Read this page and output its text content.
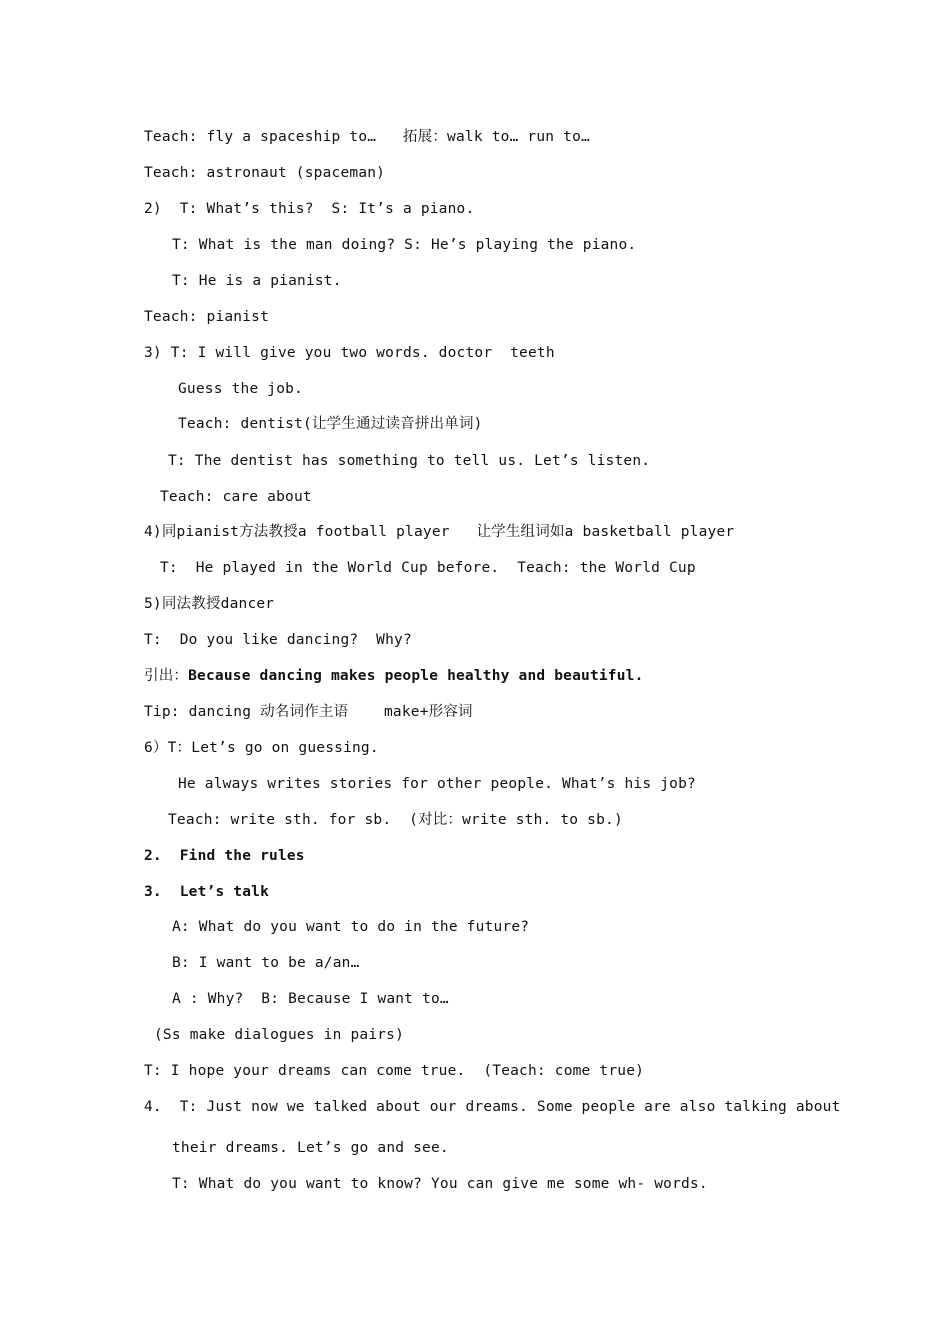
Teach: fly a spaceship to…   拓展：walk to… run to…
Teach: astronaut (spaceman)
2)  T: What’s this?  S: It’s a piano.
T: What is the man doing? S: He’s playing the piano.
T: He is a pianist.
Teach: pianist
3) T: I will give you two words. doctor  teeth
Guess the job.
Teach: dentist(让学生通过读音拼出单词)
T: The dentist has something to tell us. Let’s listen.
Teach: care about
4)同pianist方法教授a football player   让学生组词如a basketball player
T:  He played in the World Cup before.  Teach: the World Cup
5)同法教授dancer
T:  Do you like dancing?  Why?
引出：Because dancing makes people healthy and beautiful.
Tip: dancing 动名词作主语    make+形容词
6）T：Let’s go on guessing.
He always writes stories for other people. What’s his job?
Teach: write sth. for sb.  (对比：write sth. to sb.)
2.  Find the rules
3.  Let’s talk
A: What do you want to do in the future?
B: I want to be a/an…
A : Why?  B: Because I want to…
(Ss make dialogues in pairs)
T: I hope your dreams can come true.  (Teach: come true)
4.  T: Just now we talked about our dreams. Some people are also talking about
their dreams. Let’s go and see.
T: What do you want to know? You can give me some wh- words.
